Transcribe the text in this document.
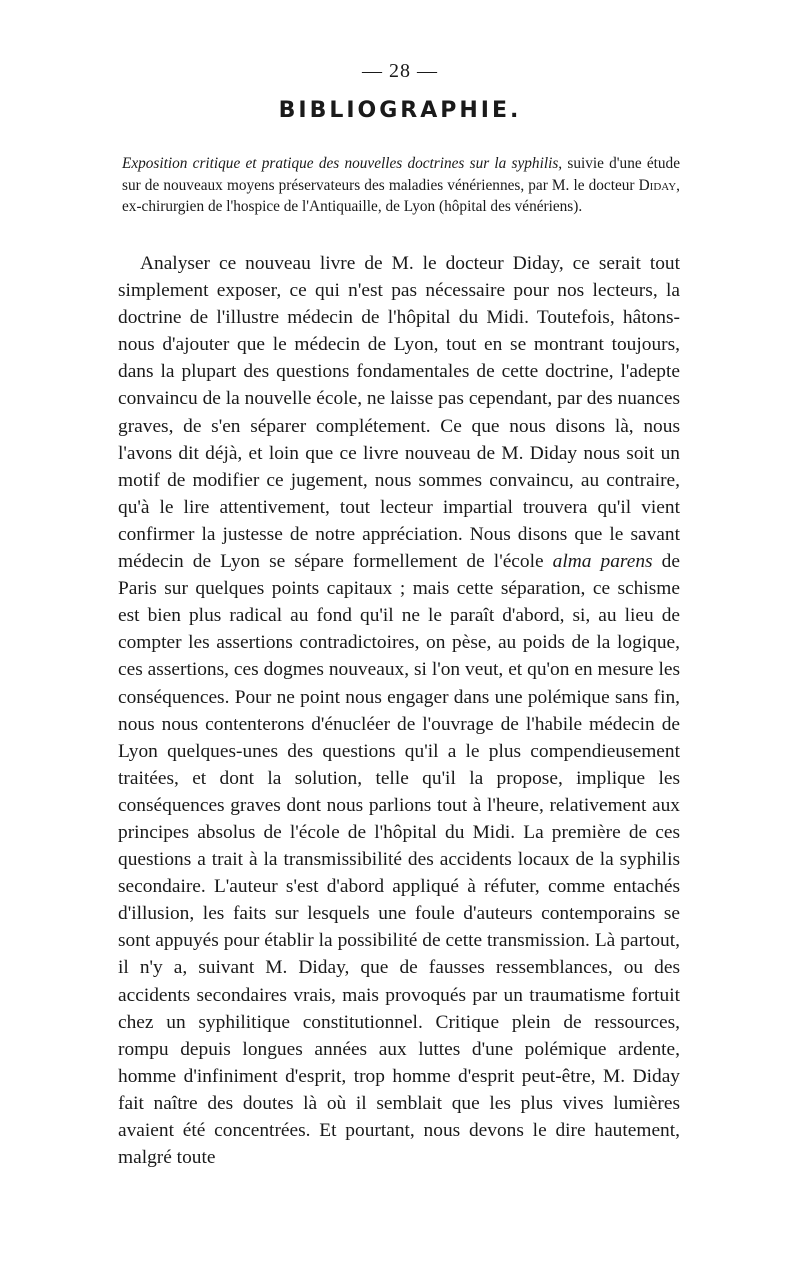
— 28 —
BIBLIOGRAPHIE.
Exposition critique et pratique des nouvelles doctrines sur la syphilis, suivie d'une étude sur de nouveaux moyens préservateurs des maladies vénériennes, par M. le docteur Diday, ex-chirurgien de l'hospice de l'Antiquaille, de Lyon (hôpital des vénériens).

Analyser ce nouveau livre de M. le docteur Diday, ce serait tout simplement exposer, ce qui n'est pas nécessaire pour nos lecteurs, la doctrine de l'illustre médecin de l'hôpital du Midi. Toutefois, hâtons-nous d'ajouter que le médecin de Lyon, tout en se montrant toujours, dans la plupart des questions fondamentales de cette doctrine, l'adepte convaincu de la nouvelle école, ne laisse pas cependant, par des nuances graves, de s'en séparer complétement. Ce que nous disons là, nous l'avons dit déjà, et loin que ce livre nouveau de M. Diday nous soit un motif de modifier ce jugement, nous sommes convaincu, au contraire, qu'à le lire attentivement, tout lecteur impartial trouvera qu'il vient confirmer la justesse de notre appréciation. Nous disons que le savant médecin de Lyon se sépare formellement de l'école alma parens de Paris sur quelques points capitaux ; mais cette séparation, ce schisme est bien plus radical au fond qu'il ne le paraît d'abord, si, au lieu de compter les assertions contradictoires, on pèse, au poids de la logique, ces assertions, ces dogmes nouveaux, si l'on veut, et qu'on en mesure les conséquences. Pour ne point nous engager dans une polémique sans fin, nous nous contenterons d'énucléer de l'ouvrage de l'habile médecin de Lyon quelques-unes des questions qu'il a le plus compendieusement traitées, et dont la solution, telle qu'il la propose, implique les conséquences graves dont nous parlions tout à l'heure, relativement aux principes absolus de l'école de l'hôpital du Midi. La première de ces questions a trait à la transmissibilité des accidents locaux de la syphilis secondaire. L'auteur s'est d'abord appliqué à réfuter, comme entachés d'illusion, les faits sur lesquels une foule d'auteurs contemporains se sont appuyés pour établir la possibilité de cette transmission. Là partout, il n'y a, suivant M. Diday, que de fausses ressemblances, ou des accidents secondaires vrais, mais provoqués par un traumatisme fortuit chez un syphilitique constitutionnel. Critique plein de ressources, rompu depuis longues années aux luttes d'une polémique ardente, homme d'infiniment d'esprit, trop homme d'esprit peut-être, M. Diday fait naître des doutes là où il semblait que les plus vives lumières avaient été concentrées. Et pourtant, nous devons le dire hautement, malgré toute
